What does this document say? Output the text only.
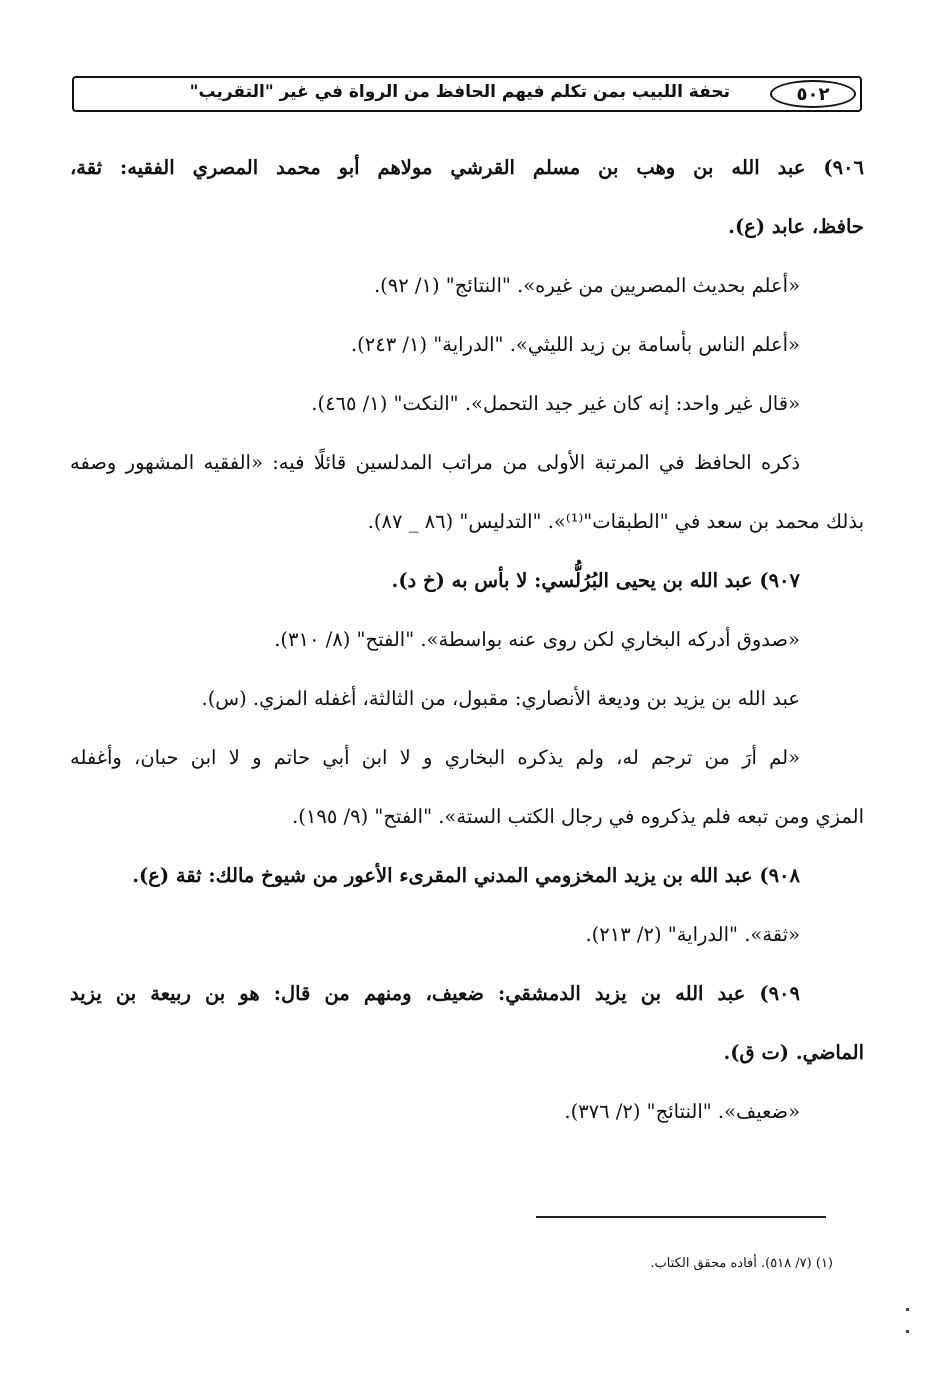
٥٠٢
تحفة اللبيب بمن تكلم فيهم الحافظ من الرواة في غير "التقريب"

٩٠٦) عبد الله بن وهب بن مسلم القرشي مولاهم أبو محمد المصري الفقيه: ثقة،

حافظ، عابد (ع).

«أعلم بحديث المصريين من غيره». "النتائج" (١/ ٩٢).

«أعلم الناس بأسامة بن زيد الليثي». "الدراية" (١/ ٢٤٣).

«قال غير واحد: إنه كان غير جيد التحمل». "النكت" (١/ ٤٦٥).

ذكره الحافظ في المرتبة الأولى من مراتب المدلسين قائلًا فيه: «الفقيه المشهور وصفه

بذلك محمد بن سعد في "الطبقات"⁽¹⁾». "التدليس" (٨٦ _ ٨٧).

٩٠٧) عبد الله بن يحيى البُرُلُّسي: لا بأس به (خ د).

«صدوق أدركه البخاري لكن روى عنه بواسطة». "الفتح" (٨/ ٣١٠).

عبد الله بن يزيد بن وديعة الأنصاري: مقبول، من الثالثة، أغفله المزي. (س).

«لم أرَ من ترجم له، ولم يذكره البخاري و لا ابن أبي حاتم و لا ابن حبان، وأغفله

المزي ومن تبعه فلم يذكروه في رجال الكتب الستة». "الفتح" (٩/ ١٩٥).

٩٠٨) عبد الله بن يزيد المخزومي المدني المقرىء الأعور من شيوخ مالك: ثقة (ع).

«ثقة». "الدراية" (٢/ ٢١٣).

٩٠٩) عبد الله بن يزيد الدمشقي: ضعيف، ومنهم من قال: هو بن ربيعة بن يزيد

الماضي. (ت ق).

«ضعيف». "النتائج" (٢/ ٣٧٦).

(١) (٧/ ٥١٨). أفاده محقق الكتاب.
